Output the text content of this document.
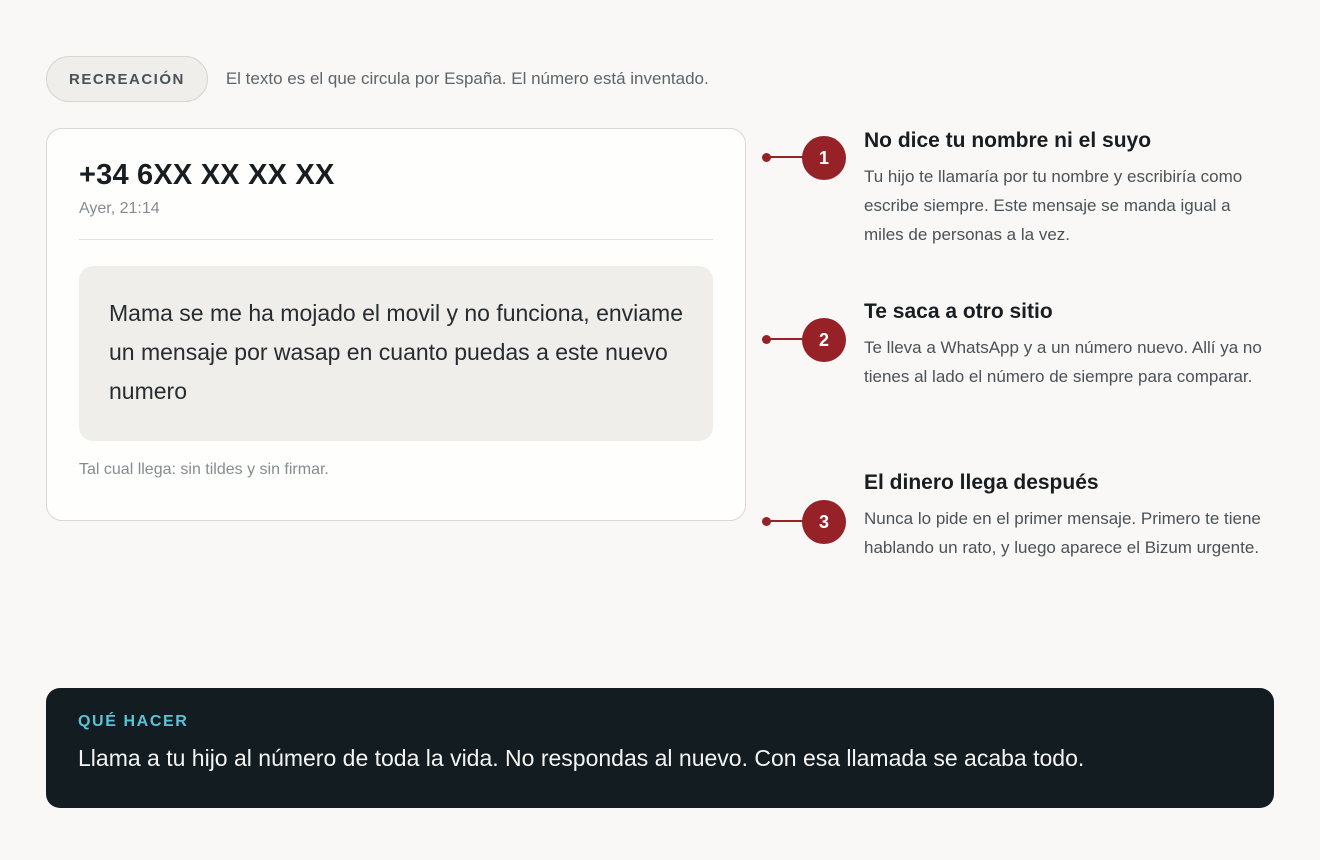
RECREACIÓN	El texto es el que circula por España. El número está inventado.
+34 6XX XX XX XX
Ayer, 21:14
Mama se me ha mojado el movil y no funciona, enviame un mensaje por wasap en cuanto puedas a este nuevo numero
Tal cual llega: sin tildes y sin firmar.
1
No dice tu nombre ni el suyo
Tu hijo te llamaría por tu nombre y escribiría como escribe siempre. Este mensaje se manda igual a miles de personas a la vez.
2
Te saca a otro sitio
Te lleva a WhatsApp y a un número nuevo. Allí ya no tienes al lado el número de siempre para comparar.
3
El dinero llega después
Nunca lo pide en el primer mensaje. Primero te tiene hablando un rato, y luego aparece el Bizum urgente.
QUÉ HACER
Llama a tu hijo al número de toda la vida. No respondas al nuevo. Con esa llamada se acaba todo.
